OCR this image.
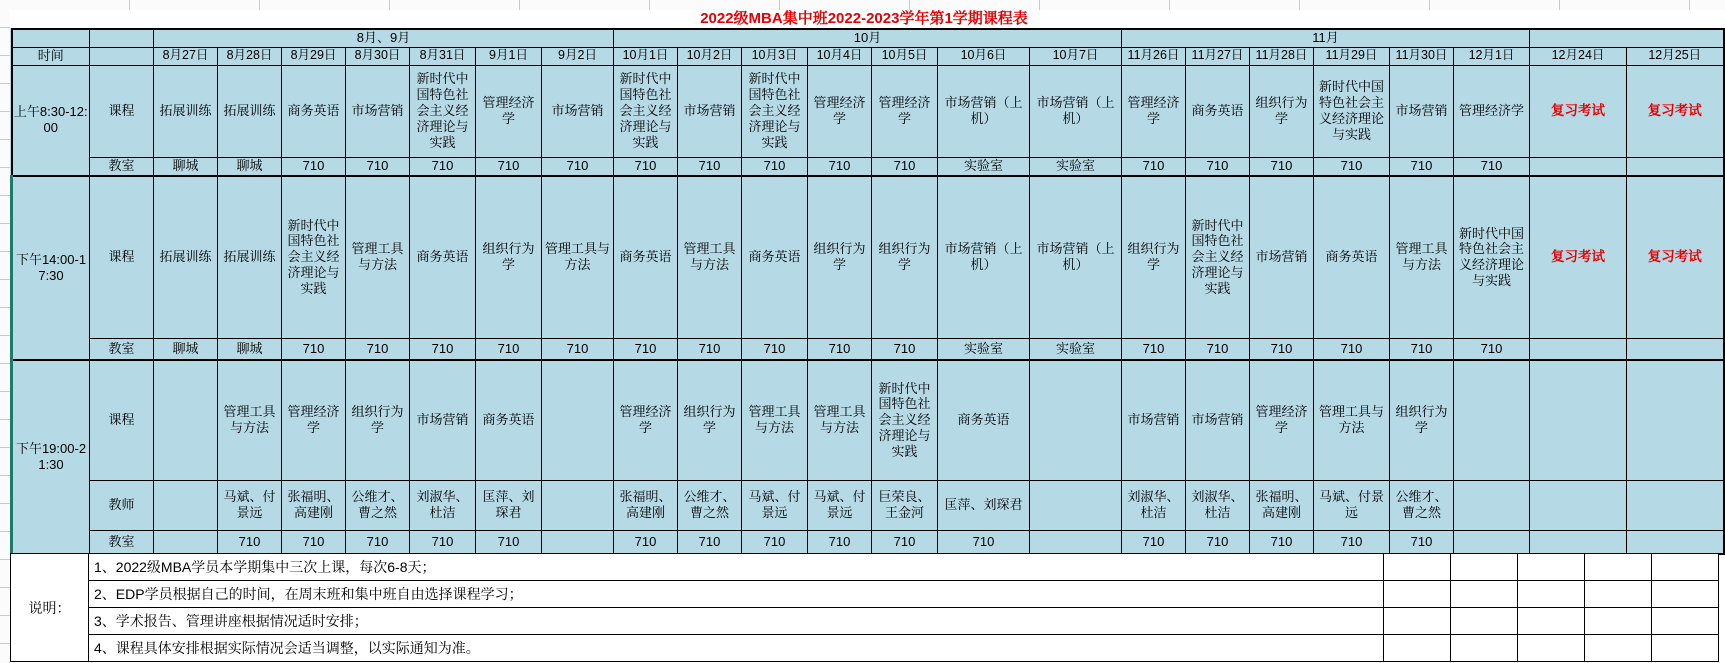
2022级MBA集中班2022-2023学年第1学期课程表
		8月、9月							10月							11月							
时间		8月27日	8月28日	8月29日	8月30日	8月31日	9月1日	9月2日	10月1日	10月2日	10月3日	10月4日	10月5日	10月6日	10月7日	11月26日	11月27日	11月28日	11月29日	11月30日	12月1日	12月24日	12月25日
上午8:30-12:00	课程	拓展训练	拓展训练	商务英语	市场营销	新时代中国特色社会主义经济理论与实践	管理经济学	市场营销	新时代中国特色社会主义经济理论与实践	市场营销	新时代中国特色社会主义经济理论与实践	管理经济学	管理经济学	市场营销（上机）	市场营销（上机）	管理经济学	商务英语	组织行为学	新时代中国特色社会主义经济理论与实践	市场营销	管理经济学	复习考试	复习考试
	教室	聊城	聊城	710	710	710	710	710	710	710	710	710	710	实验室	实验室	710	710	710	710	710	710		
下午14:00-17:30	课程	拓展训练	拓展训练	新时代中国特色社会主义经济理论与实践	管理工具与方法	商务英语	组织行为学	管理工具与方法	商务英语	管理工具与方法	商务英语	组织行为学	组织行为学	市场营销（上机）	市场营销（上机）	组织行为学	新时代中国特色社会主义经济理论与实践	市场营销	商务英语	管理工具与方法	新时代中国特色社会主义经济理论与实践	复习考试	复习考试
	教室	聊城	聊城	710	710	710	710	710	710	710	710	710	710	实验室	实验室	710	710	710	710	710	710		
下午19:00-21:30	课程		管理工具与方法	管理经济学	组织行为学	市场营销	商务英语		管理经济学	组织行为学	管理工具与方法	管理工具与方法	新时代中国特色社会主义经济理论与实践	商务英语		市场营销	市场营销	管理经济学	管理工具与方法	组织行为学			
	教师		马斌、付景远	张福明、高建刚	公维才、曹之然	刘淑华、杜洁	匡萍、刘琛君		张福明、高建刚	公维才、曹之然	马斌、付景远	马斌、付景远	巨荣良、王金河	匡萍、刘琛君		刘淑华、杜洁	刘淑华、杜洁	张福明、高建刚	马斌、付景远	公维才、曹之然			
	教室		710	710	710	710	710		710	710	710	710	710	710		710	710	710	710	710			
说明：	1、2022级MBA学员本学期集中三次上课，每次6-8天；					
	2、EDP学员根据自己的时间，在周末班和集中班自由选择课程学习；					
	3、学术报告、管理讲座根据情况适时安排；					
	4、课程具体安排根据实际情况会适当调整，以实际通知为准。					
